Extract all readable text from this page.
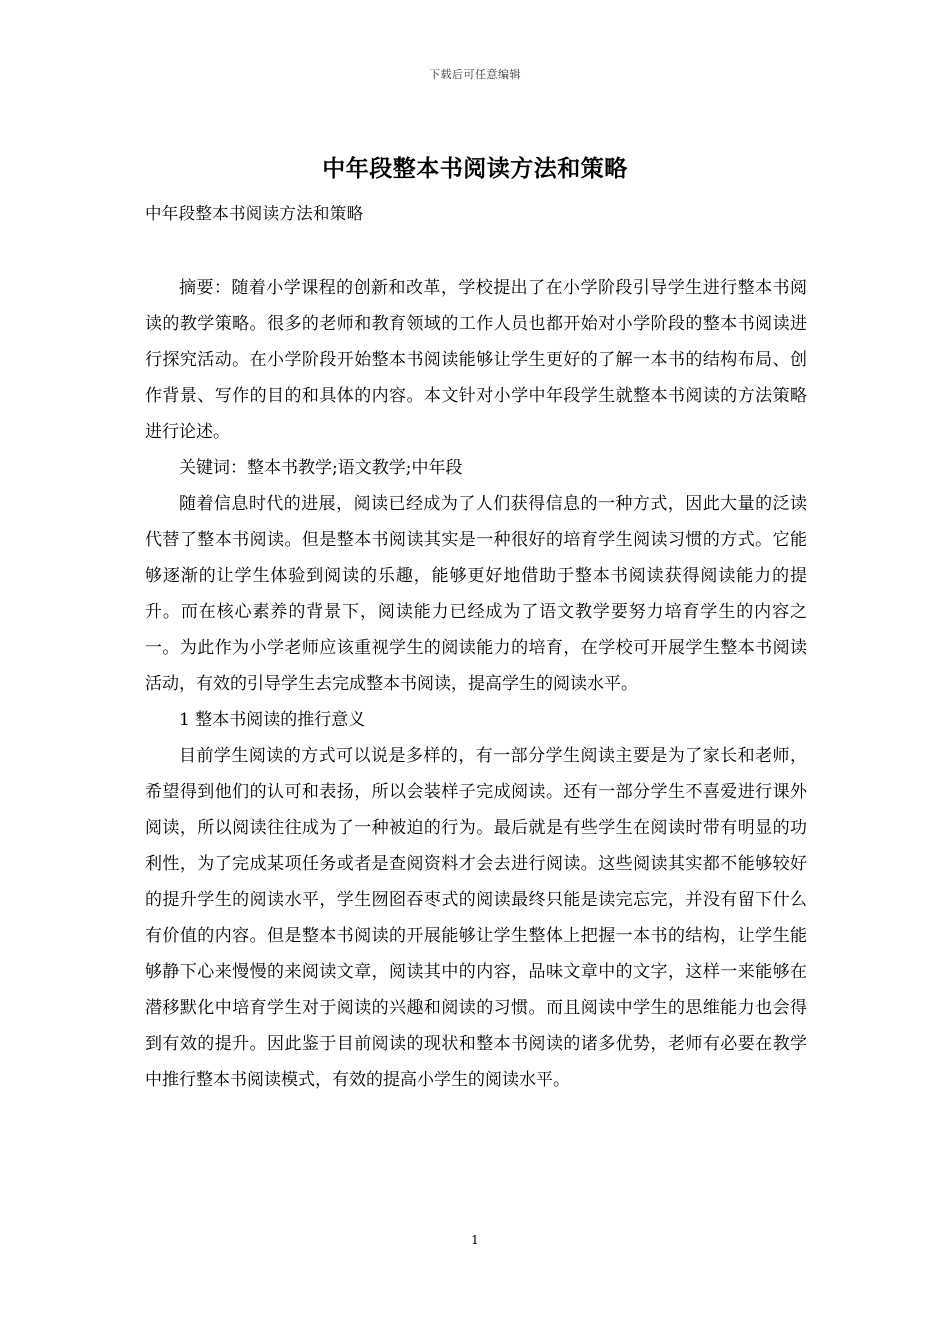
下载后可任意编辑
中年段整本书阅读方法和策略
中年段整本书阅读方法和策略

摘要：随着小学课程的创新和改革，学校提出了在小学阶段引导学生进行整本书阅读的教学策略。很多的老师和教育领域的工作人员也都开始对小学阶段的整本书阅读进行探究活动。在小学阶段开始整本书阅读能够让学生更好的了解一本书的结构布局、创作背景、写作的目的和具体的内容。本文针对小学中年段学生就整本书阅读的方法策略进行论述。

关键词：整本书教学;语文教学;中年段

随着信息时代的进展，阅读已经成为了人们获得信息的一种方式，因此大量的泛读代替了整本书阅读。但是整本书阅读其实是一种很好的培育学生阅读习惯的方式。它能够逐渐的让学生体验到阅读的乐趣，能够更好地借助于整本书阅读获得阅读能力的提升。而在核心素养的背景下，阅读能力已经成为了语文教学要努力培育学生的内容之一。为此作为小学老师应该重视学生的阅读能力的培育，在学校可开展学生整本书阅读活动，有效的引导学生去完成整本书阅读，提高学生的阅读水平。

1 整本书阅读的推行意义

目前学生阅读的方式可以说是多样的，有一部分学生阅读主要是为了家长和老师，希望得到他们的认可和表扬，所以会装样子完成阅读。还有一部分学生不喜爱进行课外阅读，所以阅读往往成为了一种被迫的行为。最后就是有些学生在阅读时带有明显的功利性，为了完成某项任务或者是查阅资料才会去进行阅读。这些阅读其实都不能够较好的提升学生的阅读水平，学生囫囵吞枣式的阅读最终只能是读完忘完，并没有留下什么有价值的内容。但是整本书阅读的开展能够让学生整体上把握一本书的结构，让学生能够静下心来慢慢的来阅读文章，阅读其中的内容，品味文章中的文字，这样一来能够在潜移默化中培育学生对于阅读的兴趣和阅读的习惯。而且阅读中学生的思维能力也会得到有效的提升。因此鉴于目前阅读的现状和整本书阅读的诸多优势，老师有必要在教学中推行整本书阅读模式，有效的提高小学生的阅读水平。

1
